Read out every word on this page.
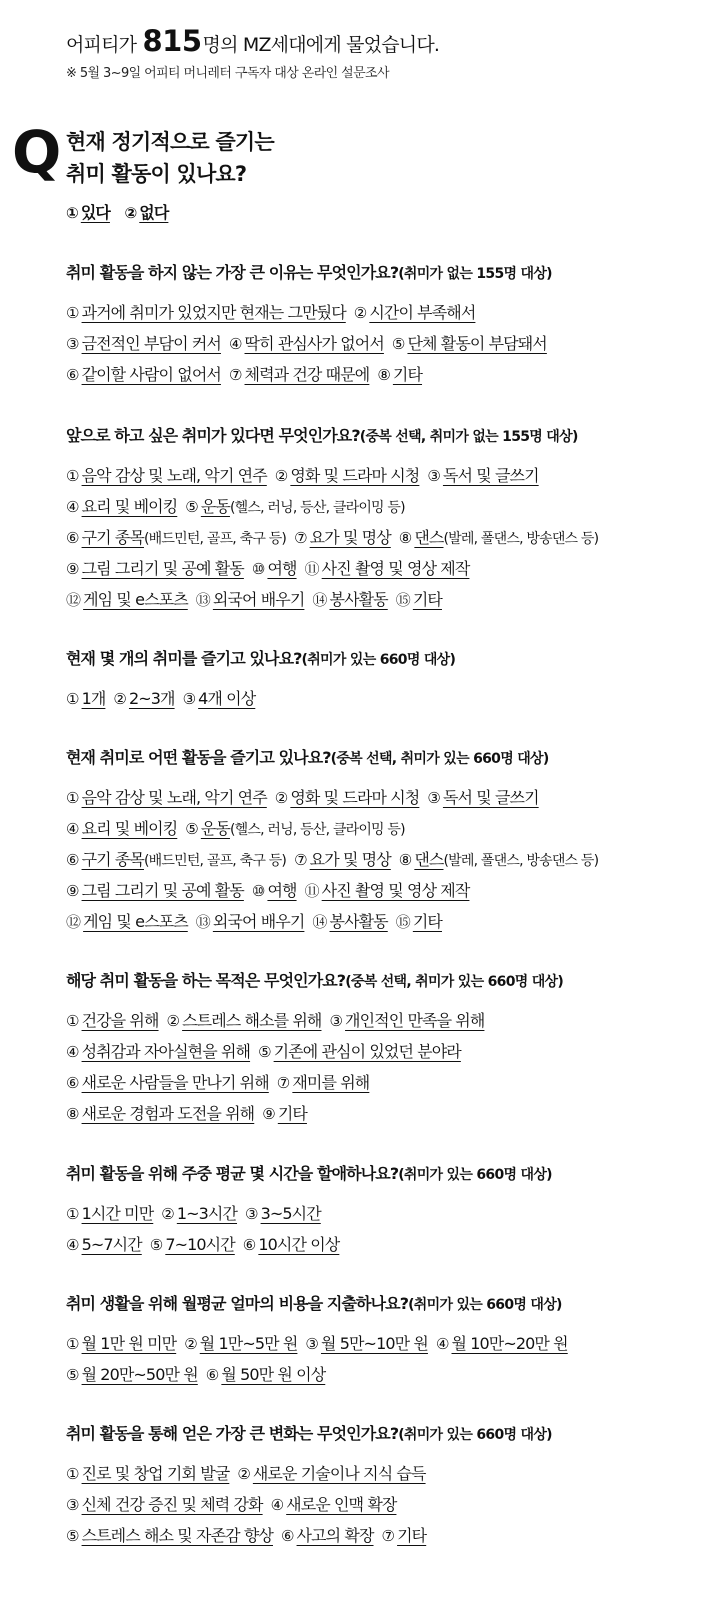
어피티가 815명의 MZ세대에게 물었습니다.
※ 5월 3~9일 어피티 머니레터 구독자 대상 온라인 설문조사
Q 현재 정기적으로 즐기는
취미 활동이 있나요?
① 있다 ② 없다
취미 활동을 하지 않는 가장 큰 이유는 무엇인가요?(취미가 없는 155명 대상)
① 과거에 취미가 있었지만 현재는 그만뒀다 ② 시간이 부족해서
③ 금전적인 부담이 커서 ④ 딱히 관심사가 없어서 ⑤ 단체 활동이 부담돼서
⑥ 같이할 사람이 없어서 ⑦ 체력과 건강 때문에 ⑧ 기타
앞으로 하고 싶은 취미가 있다면 무엇인가요?(중복 선택, 취미가 없는 155명 대상)
① 음악 감상 및 노래, 악기 연주 ② 영화 및 드라마 시청 ③ 독서 및 글쓰기
④ 요리 및 베이킹 ⑤ 운동(헬스, 러닝, 등산, 클라이밍 등)
⑥ 구기 종목(배드민턴, 골프, 축구 등) ⑦ 요가 및 명상 ⑧ 댄스(발레, 폴댄스, 방송댄스 등)
⑨ 그림 그리기 및 공예 활동 ⑩ 여행 ⑪ 사진 촬영 및 영상 제작
⑫ 게임 및 e스포츠 ⑬ 외국어 배우기 ⑭ 봉사활동 ⑮ 기타
현재 몇 개의 취미를 즐기고 있나요?(취미가 있는 660명 대상)
① 1개 ② 2~3개 ③ 4개 이상
현재 취미로 어떤 활동을 즐기고 있나요?(중복 선택, 취미가 있는 660명 대상)
① 음악 감상 및 노래, 악기 연주 ② 영화 및 드라마 시청 ③ 독서 및 글쓰기
④ 요리 및 베이킹 ⑤ 운동(헬스, 러닝, 등산, 클라이밍 등)
⑥ 구기 종목(배드민턴, 골프, 축구 등) ⑦ 요가 및 명상 ⑧ 댄스(발레, 폴댄스, 방송댄스 등)
⑨ 그림 그리기 및 공예 활동 ⑩ 여행 ⑪ 사진 촬영 및 영상 제작
⑫ 게임 및 e스포츠 ⑬ 외국어 배우기 ⑭ 봉사활동 ⑮ 기타
해당 취미 활동을 하는 목적은 무엇인가요?(중복 선택, 취미가 있는 660명 대상)
① 건강을 위해 ② 스트레스 해소를 위해 ③ 개인적인 만족을 위해
④ 성취감과 자아실현을 위해 ⑤ 기존에 관심이 있었던 분야라
⑥ 새로운 사람들을 만나기 위해 ⑦ 재미를 위해
⑧ 새로운 경험과 도전을 위해 ⑨ 기타
취미 활동을 위해 주중 평균 몇 시간을 할애하나요?(취미가 있는 660명 대상)
① 1시간 미만 ② 1~3시간 ③ 3~5시간
④ 5~7시간 ⑤ 7~10시간 ⑥ 10시간 이상
취미 생활을 위해 월평균 얼마의 비용을 지출하나요?(취미가 있는 660명 대상)
① 월 1만 원 미만 ② 월 1만~5만 원 ③ 월 5만~10만 원 ④ 월 10만~20만 원
⑤ 월 20만~50만 원 ⑥ 월 50만 원 이상
취미 활동을 통해 얻은 가장 큰 변화는 무엇인가요?(취미가 있는 660명 대상)
① 진로 및 창업 기회 발굴 ② 새로운 기술이나 지식 습득
③ 신체 건강 증진 및 체력 강화 ④ 새로운 인맥 확장
⑤ 스트레스 해소 및 자존감 향상 ⑥ 사고의 확장 ⑦ 기타
